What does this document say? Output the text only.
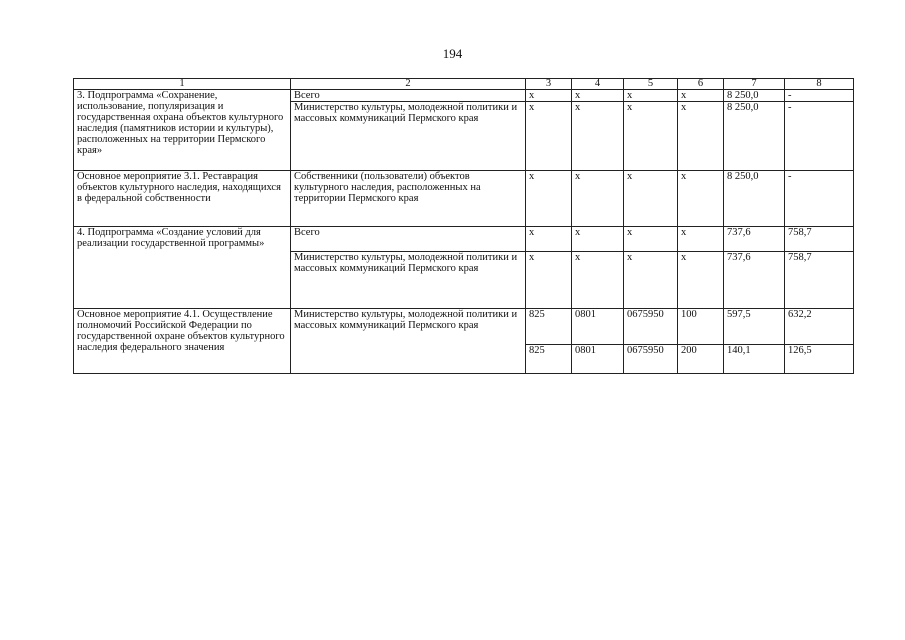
194
1	2	3	4	5	6	7	8
3. Подпрограмма «Сохранение, использование, популяризация и государственная охрана объектов культурного наследия (памятников истории и культуры), расположенных на территории Пермского края»	Всего	х	х	х	х	8 250,0	-
	Министерство культуры, молодежной политики и массовых коммуникаций Пермского края	х	х	х	х	8 250,0	-
Основное мероприятие 3.1. Реставрация объектов культурного наследия, находящихся в федеральной собственности	Собственники (пользователи) объектов культурного наследия, расположенных на территории Пермского края	х	х	х	х	8 250,0	-
4. Подпрограмма «Создание условий для реализации государственной программы»	Всего	х	х	х	х	737,6	758,7
	Министерство культуры, молодежной политики и массовых коммуникаций Пермского края	х	х	х	х	737,6	758,7
Основное мероприятие 4.1. Осуществление полномочий Российской Федерации по государственной охране объектов культурного наследия федерального значения	Министерство культуры, молодежной политики и массовых коммуникаций Пермского края	825	0801	0675950	100	597,5	632,2
		825	0801	0675950	200	140,1	126,5
